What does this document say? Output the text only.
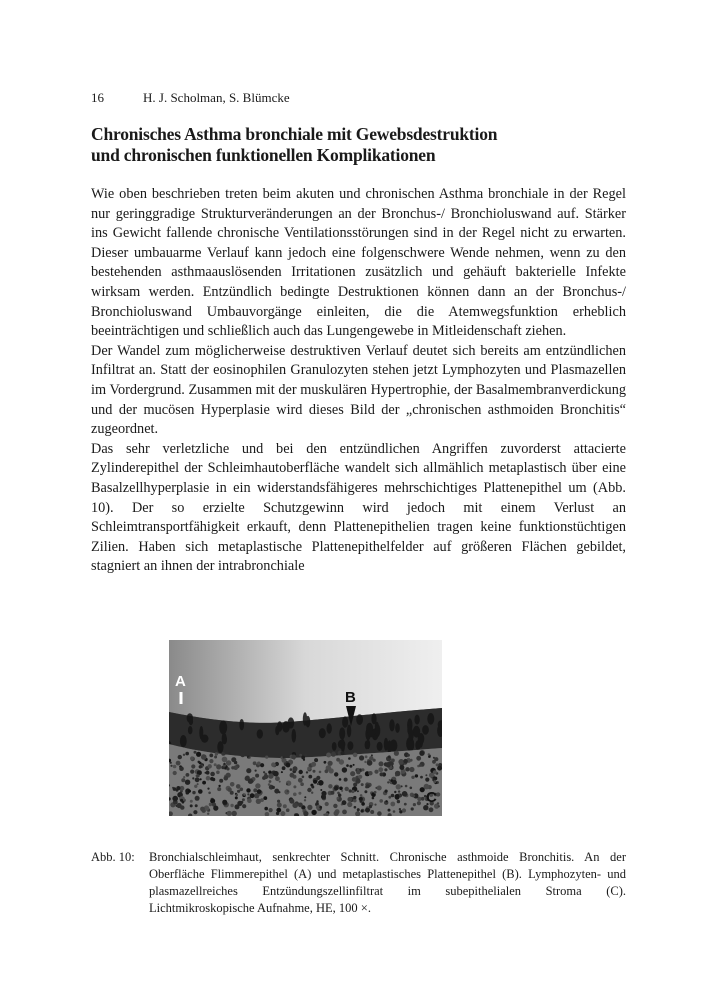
16	H. J. Scholman, S. Blümcke
Chronisches Asthma bronchiale mit Gewebsdestruktion
und chronischen funktionellen Komplikationen

Wie oben beschrieben treten beim akuten und chronischen Asthma bronchiale in der Regel nur geringgradige Strukturveränderungen an der Bronchus-/ Bronchioluswand auf. Stärker ins Gewicht fallende chronische Ventilationsstörungen sind in der Regel nicht zu erwarten. Dieser umbauarme Verlauf kann jedoch eine folgenschwere Wende nehmen, wenn zu den bestehenden asthmaauslösenden Irritationen zusätzlich und gehäuft bakterielle Infekte wirksam werden. Entzündlich bedingte Destruktionen können dann an der Bronchus-/ Bronchioluswand Umbauvorgänge einleiten, die die Atemwegsfunktion erheblich beeinträchtigen und schließlich auch das Lungengewebe in Mitleidenschaft ziehen.

Der Wandel zum möglicherweise destruktiven Verlauf deutet sich bereits am entzündlichen Infiltrat an. Statt der eosinophilen Granulozyten stehen jetzt Lymphozyten und Plasmazellen im Vordergrund. Zusammen mit der muskulären Hypertrophie, der Basalmembranverdickung und der mucösen Hyperplasie wird dieses Bild der „chronischen asthmoiden Bronchitis“ zugeordnet.

Das sehr verletzliche und bei den entzündlichen Angriffen zuvorderst attacierte Zylinderepithel der Schleimhautoberfläche wandelt sich allmählich metaplastisch über eine Basalzellhyperplasie in ein widerstandsfähigeres mehrschichtiges Plattenepithel um (Abb. 10). Der so erzielte Schutzgewinn wird jedoch mit einem Verlust an Schleimtransportfähigkeit erkauft, denn Plattenepithelien tragen keine funktionstüchtigen Zilien. Haben sich metaplastische Plattenepithelfelder auf größeren Flächen gebildet, stagniert an ihnen der intrabronchiale

A
B
C
Abb. 10:	Bronchialschleimhaut, senkrechter Schnitt. Chronische asthmoide Bronchitis. An der Oberfläche Flimmerepithel (A) und metaplastisches Plattenepithel (B). Lymphozyten- und plasmazellreiches Entzündungszellinfiltrat im subepithelialen Stroma (C). Lichtmikroskopische Aufnahme, HE, 100 ×.
